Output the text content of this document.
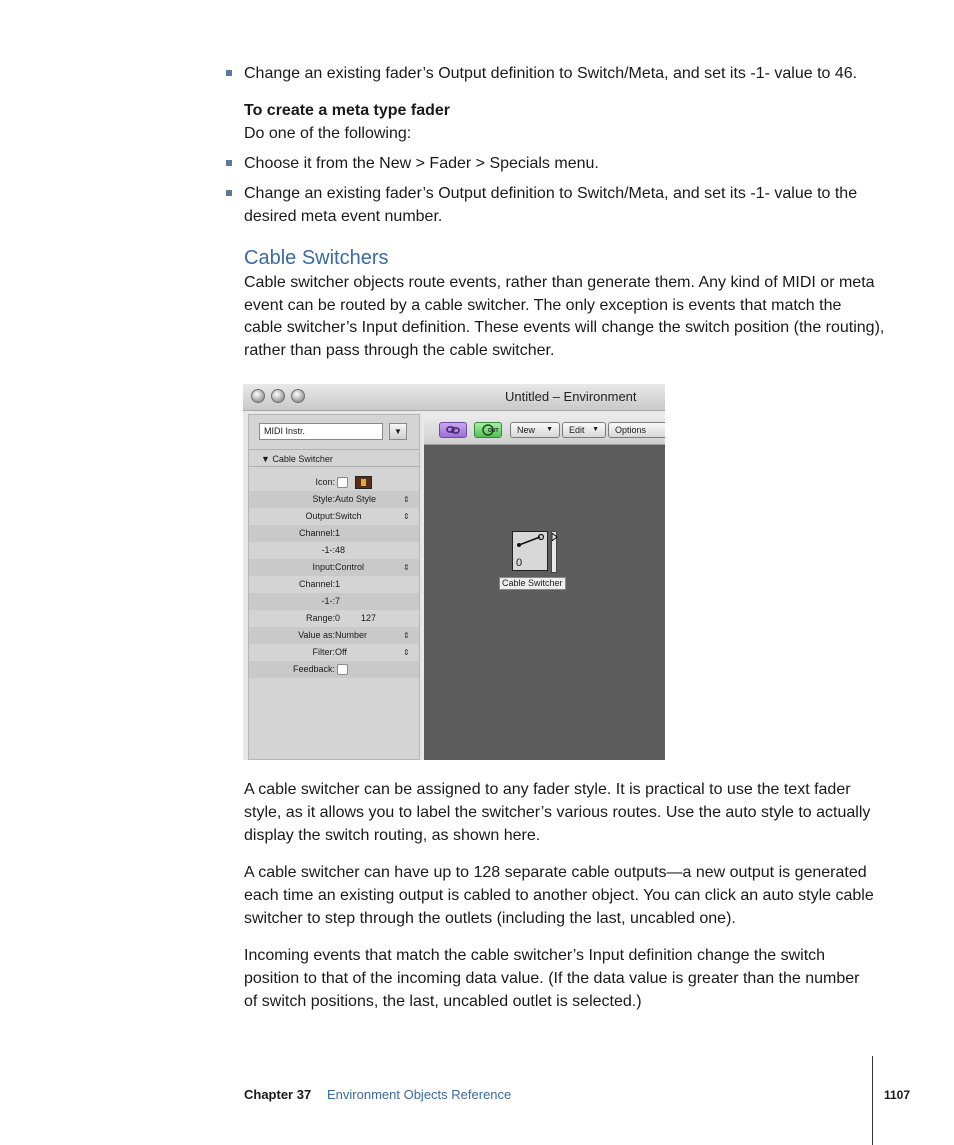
Change an existing fader’s Output definition to Switch/Meta, and set its -1- value to 46.
To create a meta type fader
Do one of the following:
Choose it from the New > Fader > Specials menu.
Change an existing fader’s Output definition to Switch/Meta, and set its -1- value to the
desired meta event number.
Cable Switchers
Cable switcher objects route events, rather than generate them. Any kind of MIDI or meta
event can be routed by a cable switcher. The only exception is events that match the
cable switcher’s Input definition. These events will change the switch position (the routing),
rather than pass through the cable switcher.
Untitled – Environment
MIDI Instr.	▼
▼ Cable Switcher
Icon:
Style: Auto Style	⇕
Output: Switch	⇕
Channel: 1
-1-: 48
Input: Control	⇕
Channel: 1
-1-: 7
Range: 0 127
Value as: Number	⇕
Filter: Off	⇕
Feedback:
OUT	New ▼	Edit ▼	Options
0
Cable Switcher
A cable switcher can be assigned to any fader style. It is practical to use the text fader
style, as it allows you to label the switcher’s various routes. Use the auto style to actually
display the switch routing, as shown here.
A cable switcher can have up to 128 separate cable outputs—a new output is generated
each time an existing output is cabled to another object. You can click an auto style cable
switcher to step through the outlets (including the last, uncabled one).
Incoming events that match the cable switcher’s Input definition change the switch
position to that of the incoming data value. (If the data value is greater than the number
of switch positions, the last, uncabled outlet is selected.)
Chapter 37 Environment Objects Reference	1107
